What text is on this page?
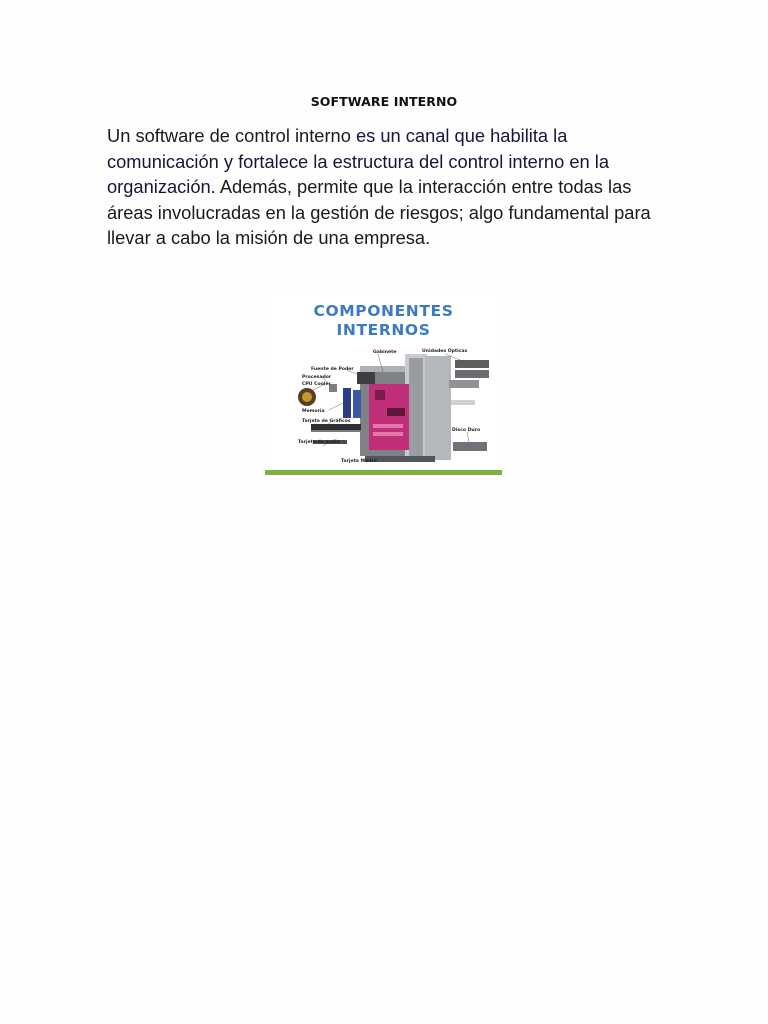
SOFTWARE INTERNO

Un software de control interno es un canal que habilita la comunicación y fortalece la estructura del control interno en la organización. Además, permite que la interacción entre todas las áreas involucradas en la gestión de riesgos; algo fundamental para llevar a cabo la misión de una empresa.

COMPONENTES
INTERNOS
Gabinete	Unidades Ópticas
Fuente de Poder
Procesador
CPU Cooler
Memoria
Tarjeta de Gráficos
Tarjeta de audio
Disco Duro
Tarjeta Madre
